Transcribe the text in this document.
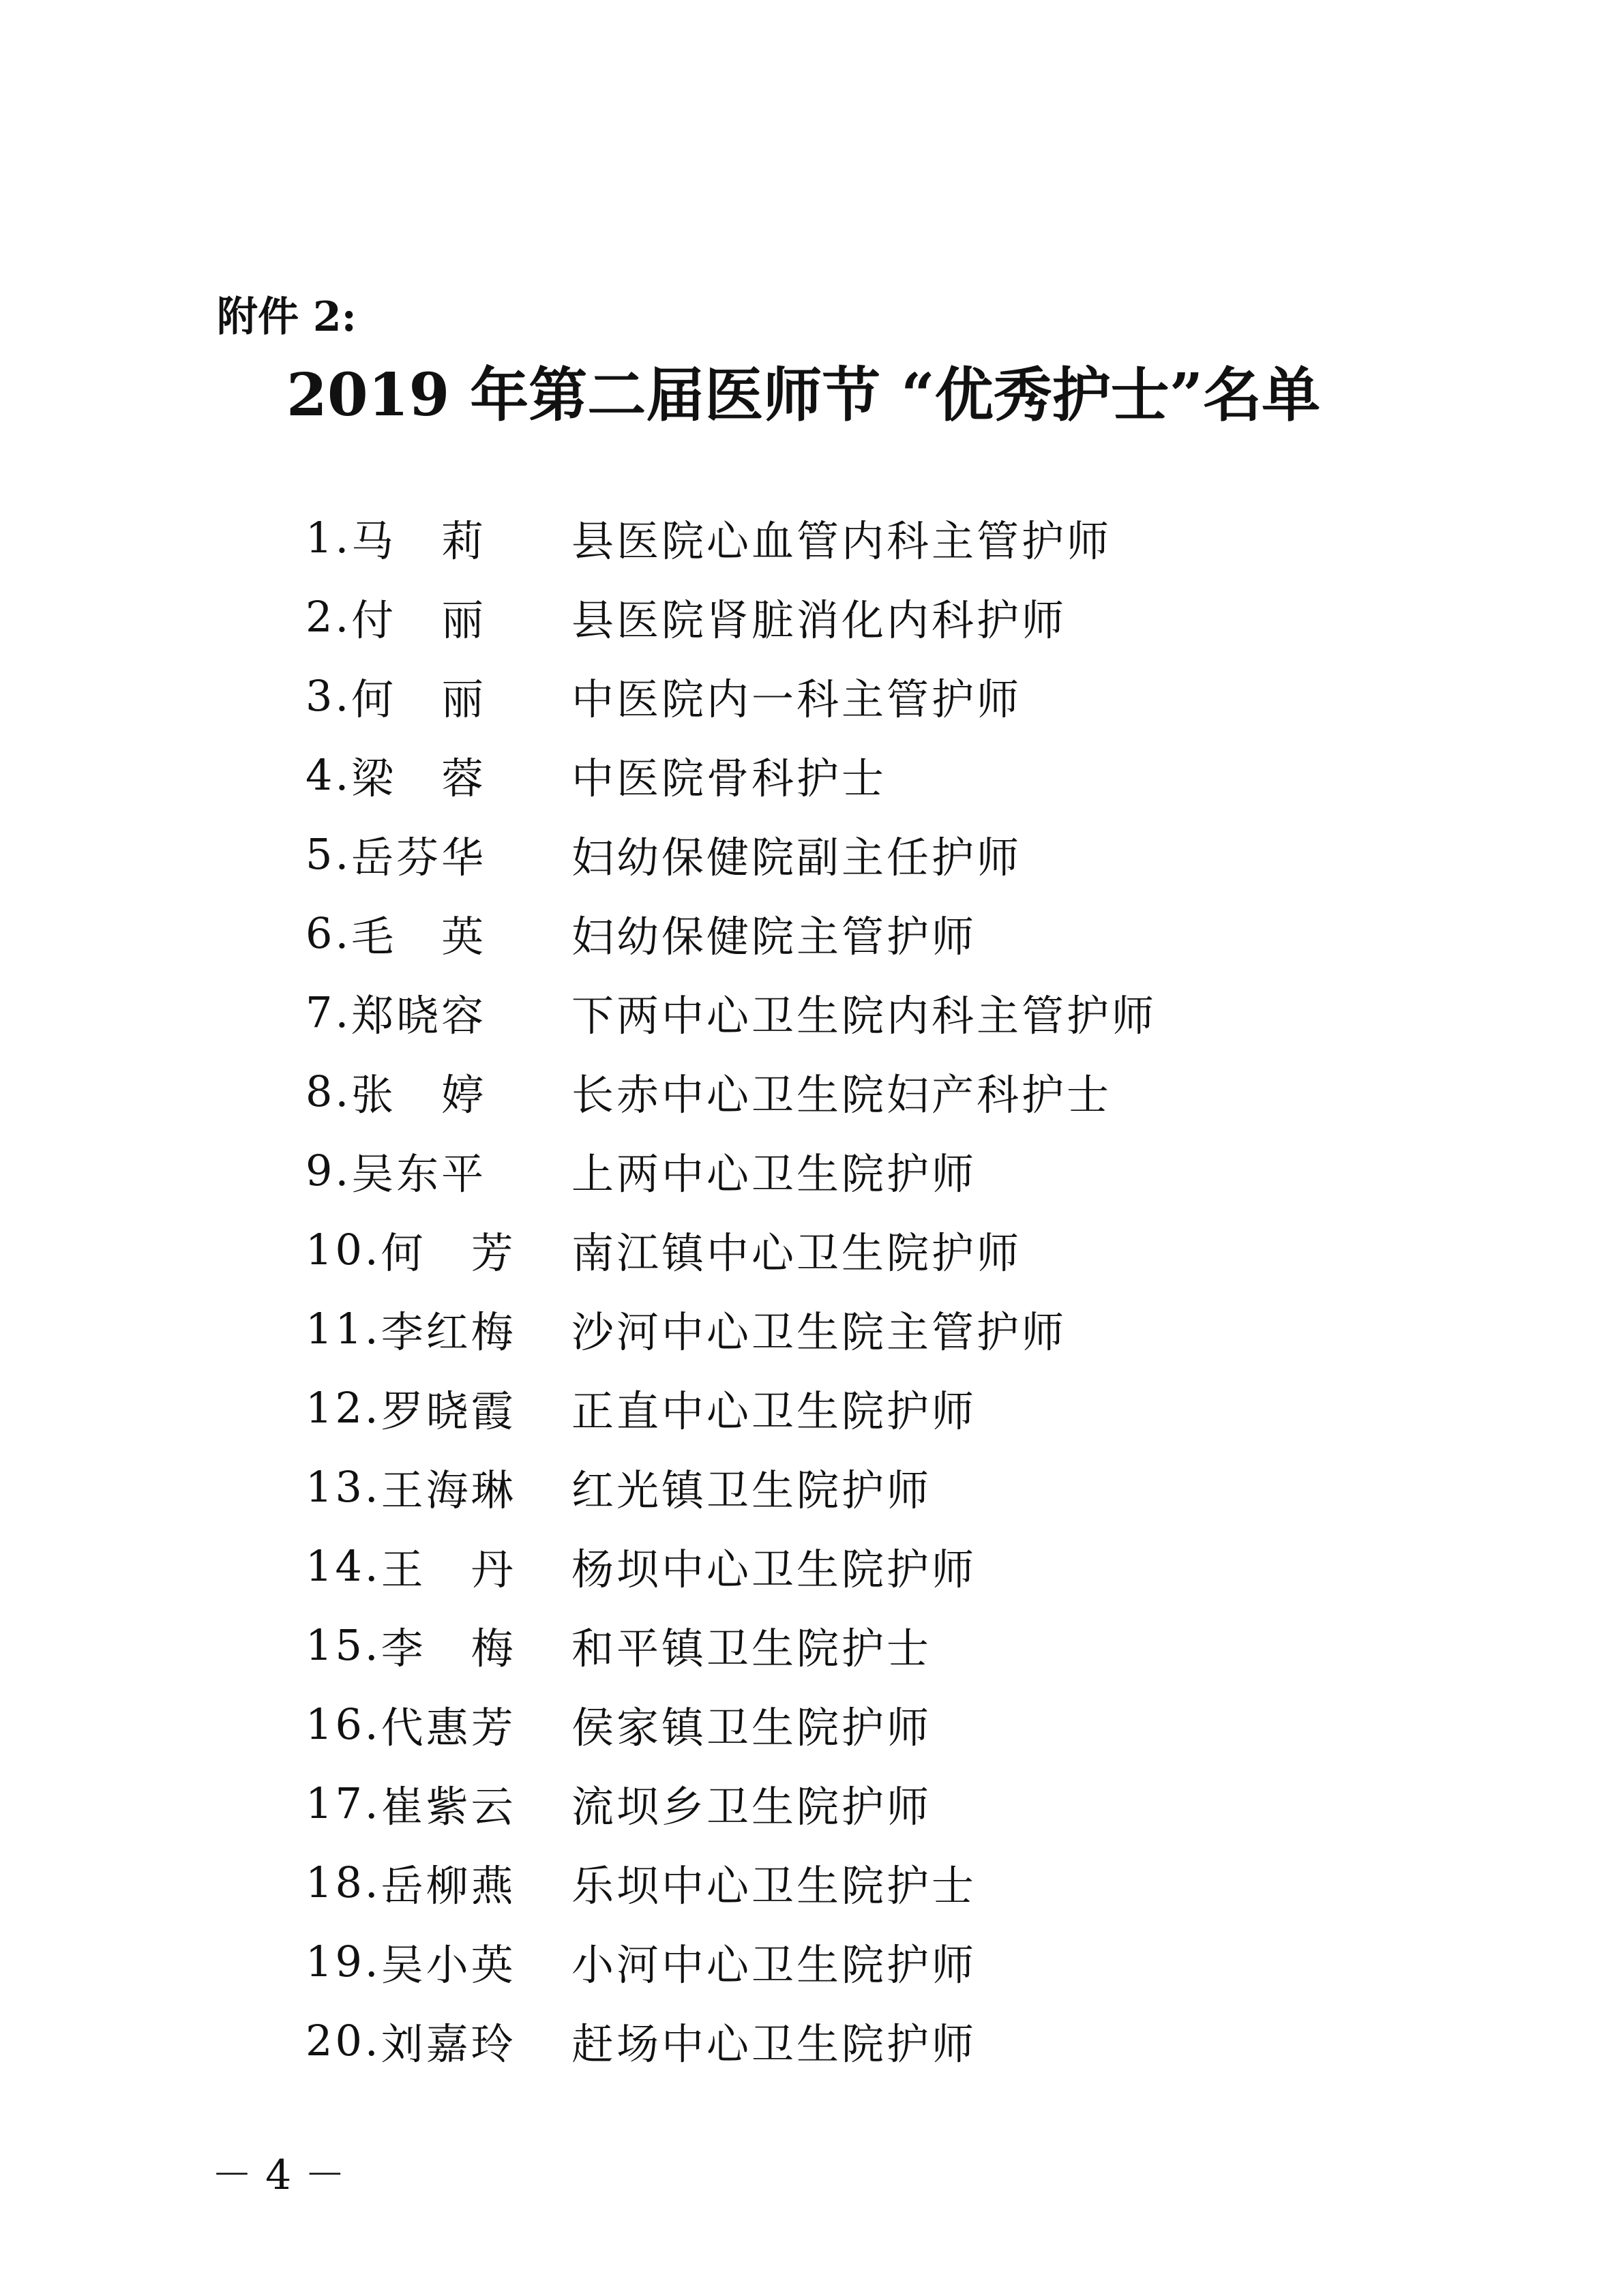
附件 2:
2019 年第二届医师节 “优秀护士”名单
1. 马　莉	县医院心血管内科主管护师
2. 付　丽	县医院肾脏消化内科护师
3. 何　丽	中医院内一科主管护师
4. 梁　蓉	中医院骨科护士
5. 岳芬华	妇幼保健院副主任护师
6. 毛　英	妇幼保健院主管护师
7. 郑晓容	下两中心卫生院内科主管护师
8. 张　婷	长赤中心卫生院妇产科护士
9. 吴东平	上两中心卫生院护师
10. 何　芳	南江镇中心卫生院护师
11. 李红梅	沙河中心卫生院主管护师
12. 罗晓霞	正直中心卫生院护师
13. 王海琳	红光镇卫生院护师
14. 王　丹	杨坝中心卫生院护师
15. 李　梅	和平镇卫生院护士
16. 代惠芳	侯家镇卫生院护师
17. 崔紫云	流坝乡卫生院护师
18. 岳柳燕	乐坝中心卫生院护士
19. 吴小英	小河中心卫生院护师
20. 刘嘉玲	赶场中心卫生院护师
－ 4 －
